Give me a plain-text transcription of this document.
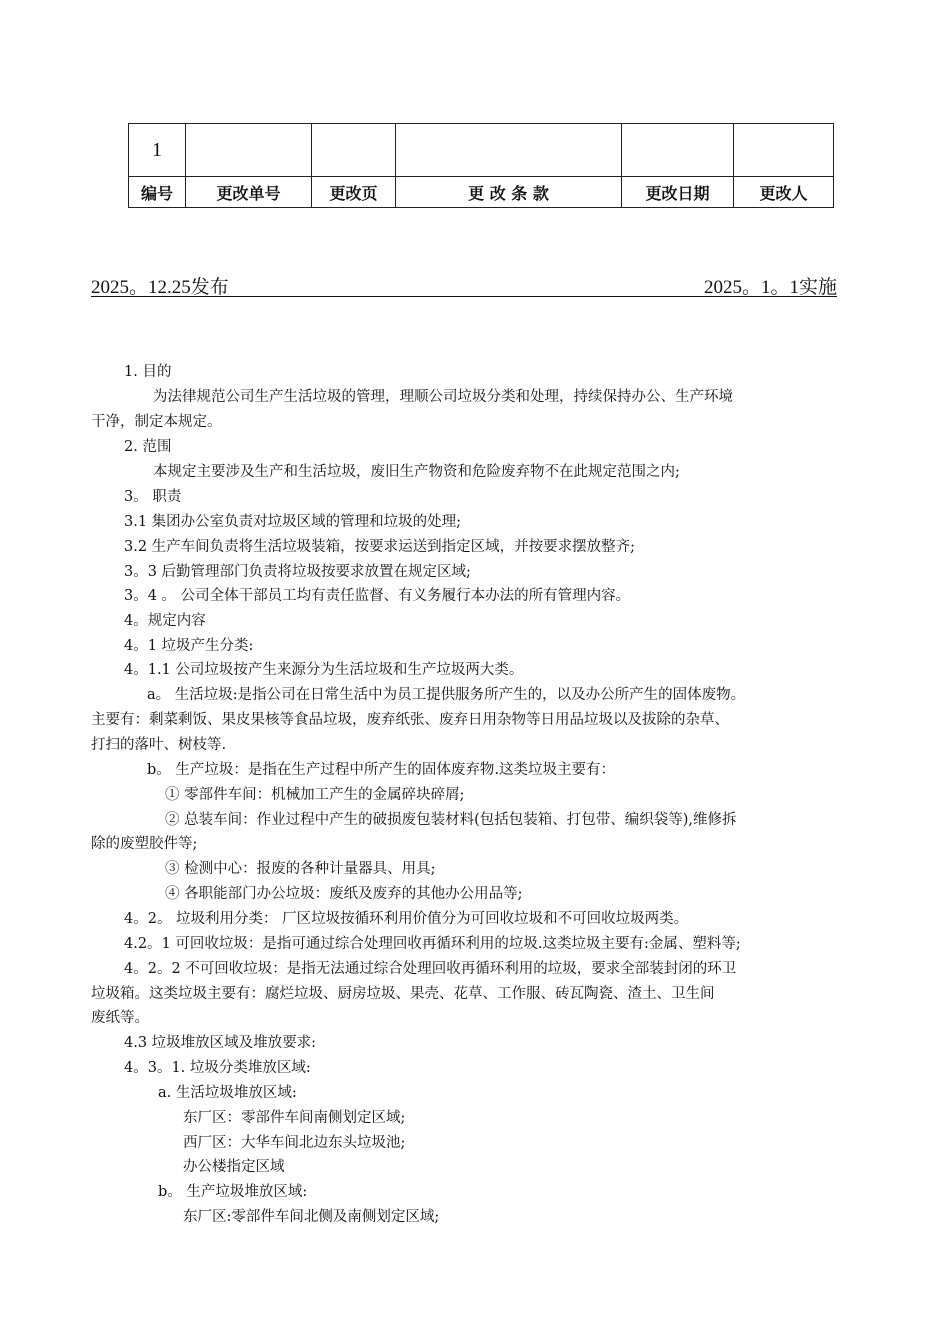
1					
编号	更改单号	更改页	更 改 条 款	更改日期	更改人
2025。12.25发布	2025。1。1实施
1. 目的
为法律规范公司生产生活垃圾的管理，理顺公司垃圾分类和处理，持续保持办公、生产环境
干净，制定本规定。
2. 范围
本规定主要涉及生产和生活垃圾，废旧生产物资和危险废弃物不在此规定范围之内;
3。 职责
3.1 集团办公室负责对垃圾区域的管理和垃圾的处理;
3.2 生产车间负责将生活垃圾装箱，按要求运送到指定区域，并按要求摆放整齐;
3。3 后勤管理部门负责将垃圾按要求放置在规定区域;
3。4 。 公司全体干部员工均有责任监督、有义务履行本办法的所有管理内容。
4。规定内容
4。1 垃圾产生分类:
4。1.1 公司垃圾按产生来源分为生活垃圾和生产垃圾两大类。
a。 生活垃圾:是指公司在日常生活中为员工提供服务所产生的，以及办公所产生的固体废物。
主要有：剩菜剩饭、果皮果核等食品垃圾，废弃纸张、废弃日用杂物等日用品垃圾以及拔除的杂草、
打扫的落叶、树枝等.
b。 生产垃圾：是指在生产过程中所产生的固体废弃物.这类垃圾主要有：
① 零部件车间：机械加工产生的金属碎块碎屑;
② 总装车间：作业过程中产生的破损废包装材料(包括包装箱、打包带、编织袋等),维修拆
除的废塑胶件等;
③ 检测中心：报废的各种计量器具、用具;
④ 各职能部门办公垃圾：废纸及废弃的其他办公用品等;
4。2。 垃圾利用分类： 厂区垃圾按循环利用价值分为可回收垃圾和不可回收垃圾两类。
4.2。1 可回收垃圾：是指可通过综合处理回收再循环利用的垃圾.这类垃圾主要有:金属、塑料等;
4。2。2 不可回收垃圾：是指无法通过综合处理回收再循环利用的垃圾，要求全部装封闭的环卫
垃圾箱。这类垃圾主要有：腐烂垃圾、厨房垃圾、果壳、花草、工作服、砖瓦陶瓷、渣土、卫生间
废纸等。
4.3 垃圾堆放区域及堆放要求:
4。3。1. 垃圾分类堆放区域:
a. 生活垃圾堆放区域:
东厂区：零部件车间南侧划定区域;
西厂区：大华车间北边东头垃圾池;
办公楼指定区域
b。 生产垃圾堆放区域:
东厂区:零部件车间北侧及南侧划定区域;
